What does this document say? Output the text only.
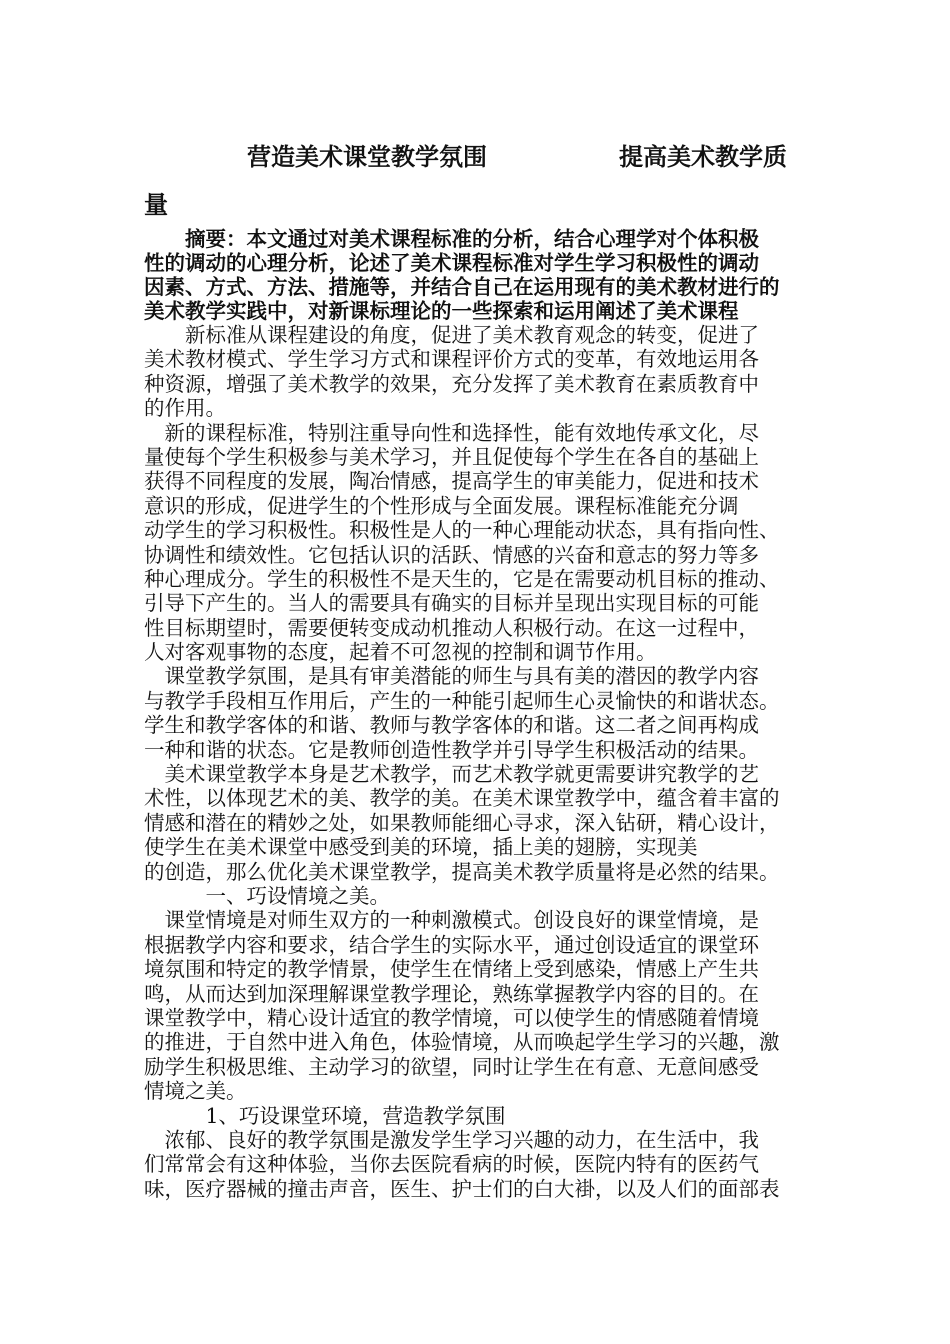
营造美术课堂教学氛围	提高美术教学质
量
　　摘要：本文通过对美术课程标准的分析，结合心理学对个体积极
性的调动的心理分析，论述了美术课程标准对学生学习积极性的调动
因素、方式、方法、措施等，并结合自己在运用现有的美术教材进行的
美术教学实践中，对新课标理论的一些探索和运用阐述了美术课程
　　新标准从课程建设的角度，促进了美术教育观念的转变，促进了
美术教材模式、学生学习方式和课程评价方式的变革，有效地运用各
种资源，增强了美术教学的效果，充分发挥了美术教育在素质教育中
的作用。
　新的课程标准，特别注重导向性和选择性，能有效地传承文化，尽
量使每个学生积极参与美术学习，并且促使每个学生在各自的基础上
获得不同程度的发展，陶冶情感，提高学生的审美能力，促进和技术
意识的形成，促进学生的个性形成与全面发展。课程标准能充分调
动学生的学习积极性。积极性是人的一种心理能动状态，具有指向性、
协调性和绩效性。它包括认识的活跃、情感的兴奋和意志的努力等多
种心理成分。学生的积极性不是天生的，它是在需要动机目标的推动、
引导下产生的。当人的需要具有确实的目标并呈现出实现目标的可能
性目标期望时，需要便转变成动机推动人积极行动。在这一过程中，
人对客观事物的态度，起着不可忽视的控制和调节作用。
　课堂教学氛围，是具有审美潜能的师生与具有美的潜因的教学内容
与教学手段相互作用后，产生的一种能引起师生心灵愉快的和谐状态。
学生和教学客体的和谐、教师与教学客体的和谐。这二者之间再构成
一种和谐的状态。它是教师创造性教学并引导学生积极活动的结果。
　美术课堂教学本身是艺术教学，而艺术教学就更需要讲究教学的艺
术性，以体现艺术的美、教学的美。在美术课堂教学中，蕴含着丰富的
情感和潜在的精妙之处，如果教师能细心寻求，深入钻研，精心设计，
使学生在美术课堂中感受到美的环境，插上美的翅膀，实现美
的创造，那么优化美术课堂教学，提高美术教学质量将是必然的结果。
　　　一、巧设情境之美。
　课堂情境是对师生双方的一种刺激模式。创设良好的课堂情境，是
根据教学内容和要求，结合学生的实际水平，通过创设适宜的课堂环
境氛围和特定的教学情景，使学生在情绪上受到感染，情感上产生共
鸣，从而达到加深理解课堂教学理论，熟练掌握教学内容的目的。在
课堂教学中，精心设计适宜的教学情境，可以使学生的情感随着情境
的推进，于自然中进入角色，体验情境，从而唤起学生学习的兴趣，激
励学生积极思维、主动学习的欲望，同时让学生在有意、无意间感受
情境之美。
　　　1、巧设课堂环境，营造教学氛围
　浓郁、良好的教学氛围是激发学生学习兴趣的动力，在生活中，我
们常常会有这种体验，当你去医院看病的时候，医院内特有的医药气
味，医疗器械的撞击声音，医生、护士们的白大褂，以及人们的面部表
